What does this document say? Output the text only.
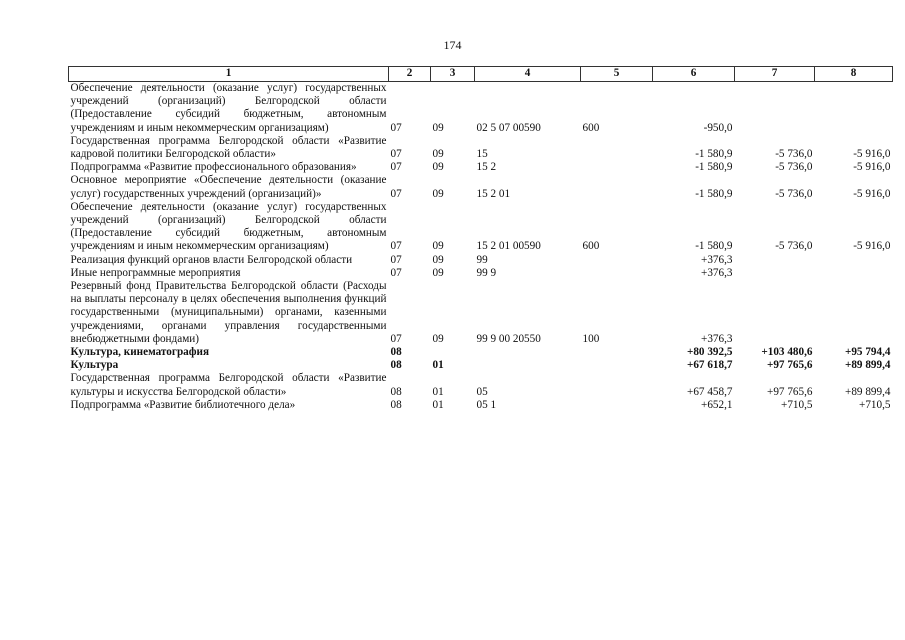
174
1	2	3	4	5	6	7	8
Обеспечение деятельности (оказание услуг) государственных учреждений (организаций) Белгородской области (Предоставление субсидий бюджетным, автономным учреждениям и иным некоммерческим организациям)	07	09	02 5 07 00590	600	-950,0		
Государственная программа Белгородской области «Развитие кадровой политики Белгородской области»	07	09	15		-1 580,9	-5 736,0	-5 916,0
Подпрограмма «Развитие профессионального образования»	07	09	15 2		-1 580,9	-5 736,0	-5 916,0
Основное мероприятие «Обеспечение деятельности (оказание услуг) государственных учреждений (организаций)»	07	09	15 2 01		-1 580,9	-5 736,0	-5 916,0
Обеспечение деятельности (оказание услуг) государственных учреждений (организаций) Белгородской области (Предоставление субсидий бюджетным, автономным учреждениям и иным некоммерческим организациям)	07	09	15 2 01 00590	600	-1 580,9	-5 736,0	-5 916,0
Реализация функций органов власти Белгородской области	07	09	99		+376,3		
Иные непрограммные мероприятия	07	09	99 9		+376,3		
Резервный фонд Правительства Белгородской области (Расходы на выплаты персоналу в целях обеспечения выполнения функций государственными (муниципальными) органами, казенными учреждениями, органами управления государственными внебюджетными фондами)	07	09	99 9 00 20550	100	+376,3		
Культура, кинематография	08				+80 392,5	+103 480,6	+95 794,4
Культура	08	01			+67 618,7	+97 765,6	+89 899,4
Государственная программа Белгородской области «Развитие культуры и искусства Белгородской области»	08	01	05		+67 458,7	+97 765,6	+89 899,4
Подпрограмма «Развитие библиотечного дела»	08	01	05 1		+652,1	+710,5	+710,5
